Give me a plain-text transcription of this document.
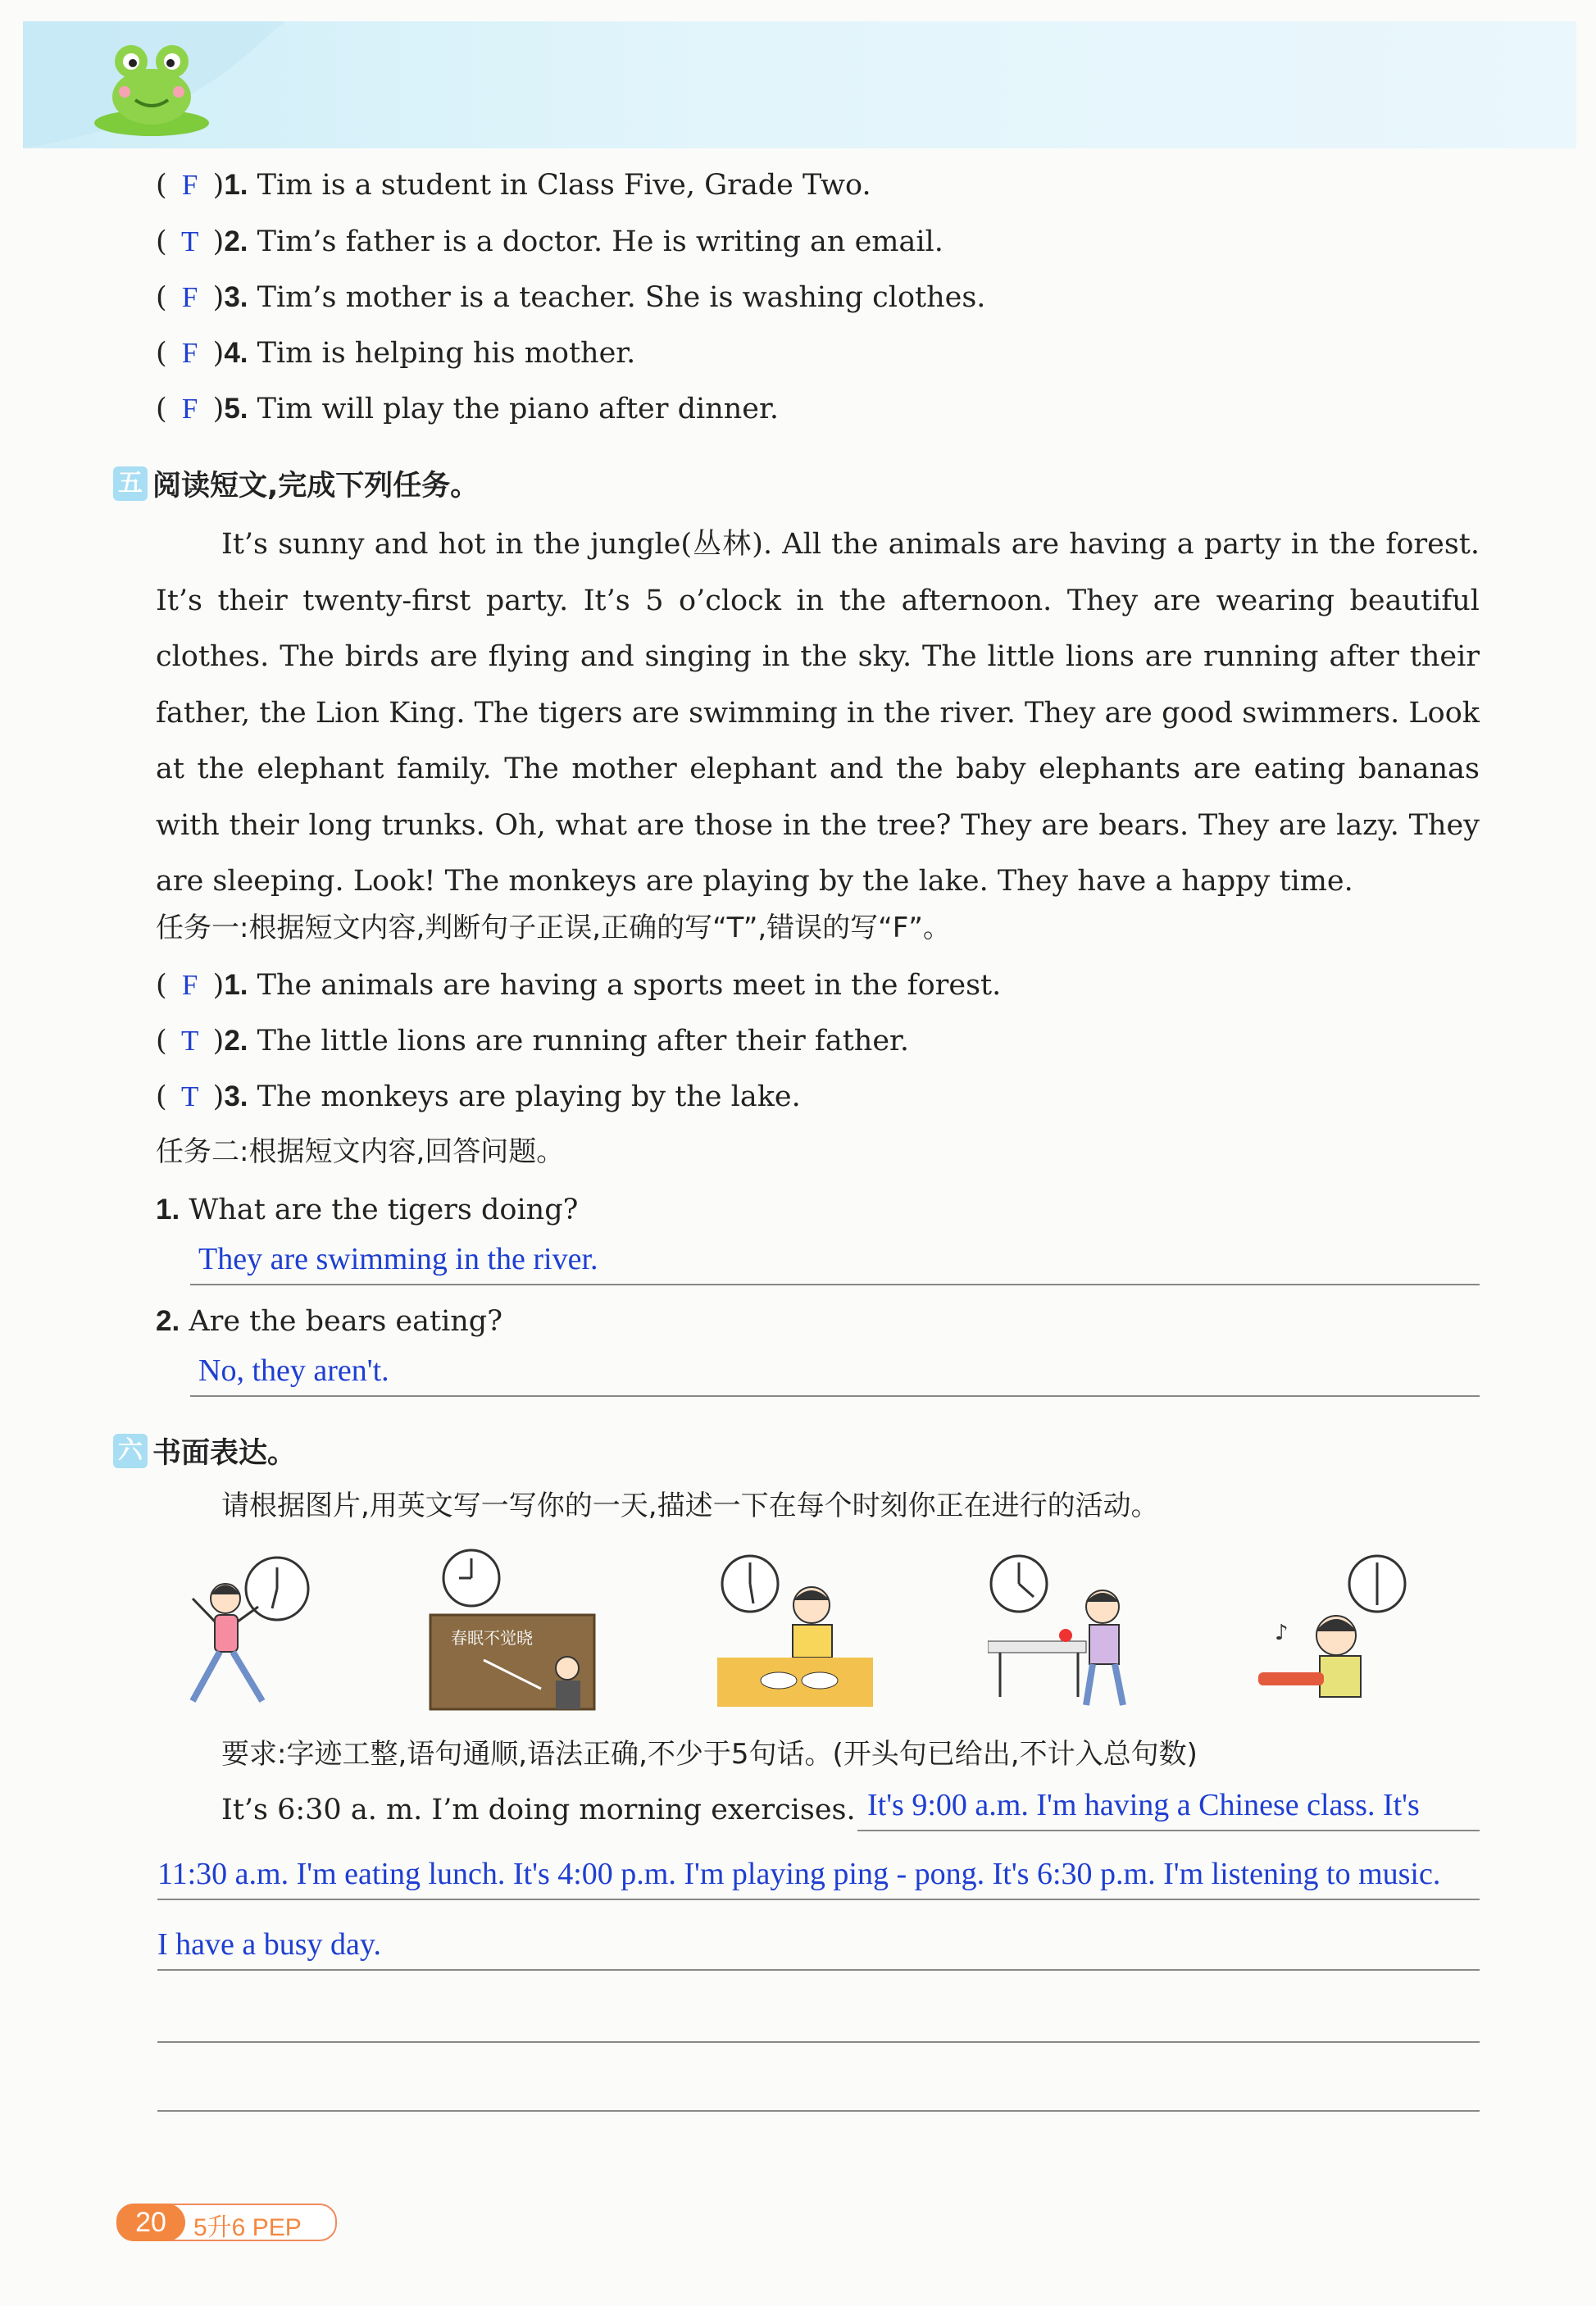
( F )1. Tim is a student in Class Five, Grade Two.
( T )2. Tim’s father is a doctor. He is writing an email.
( F )3. Tim’s mother is a teacher. She is washing clothes.
( F )4. Tim is helping his mother.
( F )5. Tim will play the piano after dinner.
五 阅读短文,完成下列任务。
It’s sunny and hot in the jungle(丛林). All the animals are having a party in the forest. It’s their twenty-first party. It’s 5 o’clock in the afternoon. They are wearing beautiful clothes. The birds are flying and singing in the sky. The little lions are running after their father, the Lion King. The tigers are swimming in the river. They are good swimmers. Look at the elephant family. The mother elephant and the baby elephants are eating bananas with their long trunks. Oh, what are those in the tree? They are bears. They are lazy. They are sleeping. Look! The monkeys are playing by the lake. They have a happy time.
任务一:根据短文内容,判断句子正误,正确的写“T”,错误的写“F”。
( F )1. The animals are having a sports meet in the forest.
( T )2. The little lions are running after their father.
( T )3. The monkeys are playing by the lake.
任务二:根据短文内容,回答问题。
1. What are the tigers doing?
They are swimming in the river.
2. Are the bears eating?
No, they aren't.
六 书面表达。
请根据图片,用英文写一写你的一天,描述一下在每个时刻你正在进行的活动。
春眠不觉晓	♪
要求:字迹工整,语句通顺,语法正确,不少于5句话。(开头句已给出,不计入总句数)
It’s 6:30 a. m. I’m doing morning exercises. It's 9:00 a.m. I'm having a Chinese class. It's
11:30 a.m. I'm eating lunch. It's 4:00 p.m. I'm playing ping - pong. It's 6:30 p.m. I'm listening to music.
I have a busy day.
20	5升6 PEP
